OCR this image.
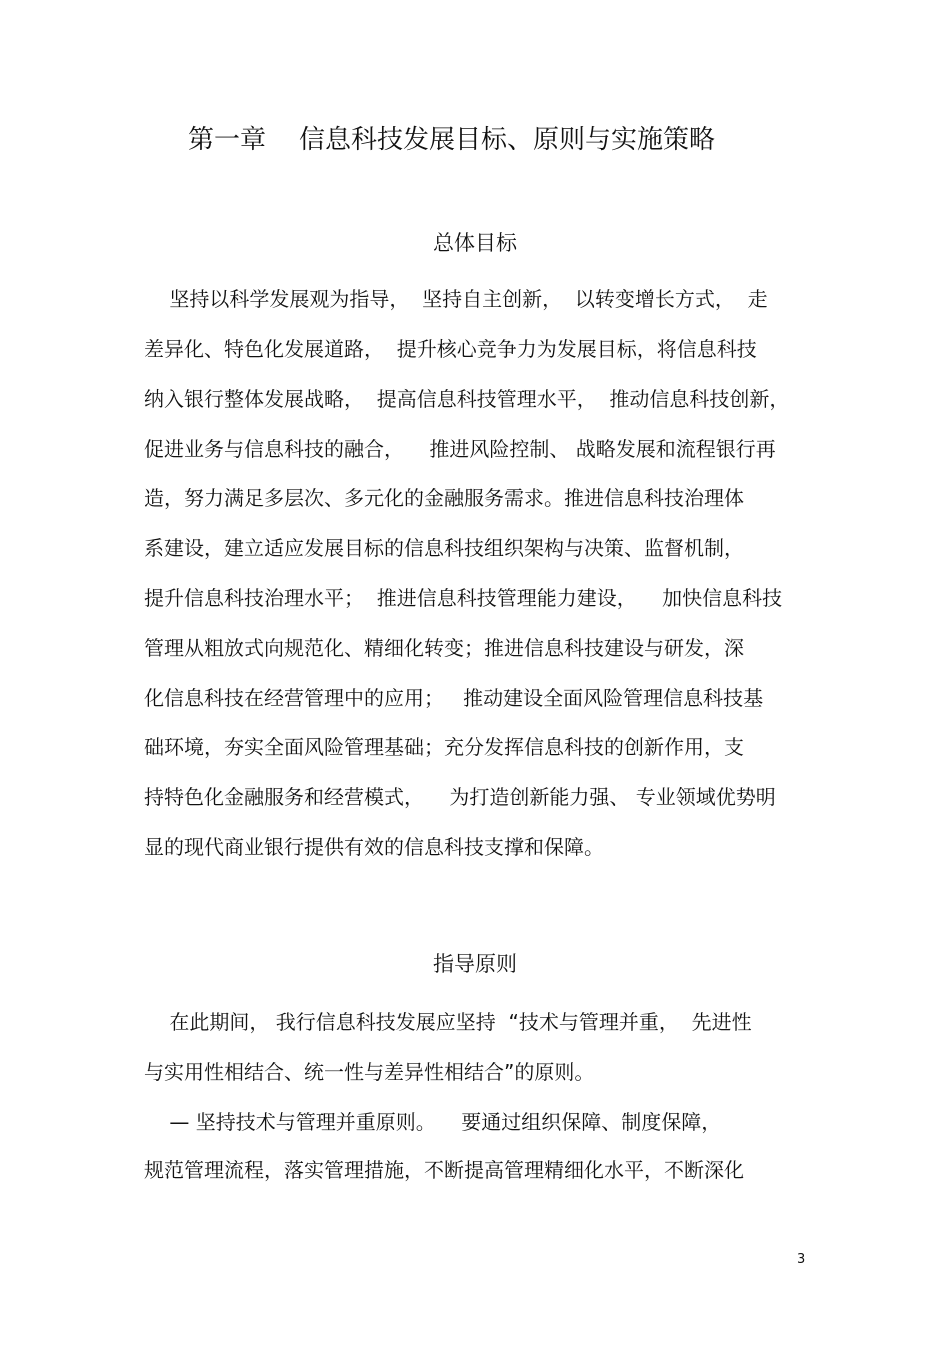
第一章    信息科技发展目标、原则与实施策略
总体目标
坚持以科学发展观为指导，  坚持自主创新，  以转变增长方式，  走
差异化、特色化发展道路，  提升核心竞争力为发展目标，将信息科技
纳入银行整体发展战略，  提高信息科技管理水平，  推动信息科技创新，
促进业务与信息科技的融合，    推进风险控制、 战略发展和流程银行再
造，努力满足多层次、多元化的金融服务需求。推进信息科技治理体
系建设，建立适应发展目标的信息科技组织架构与决策、监督机制，
提升信息科技治理水平；  推进信息科技管理能力建设，    加快信息科技
管理从粗放式向规范化、精细化转变；推进信息科技建设与研发，深
化信息科技在经营管理中的应用；   推动建设全面风险管理信息科技基
础环境，夯实全面风险管理基础；充分发挥信息科技的创新作用，支
持特色化金融服务和经营模式，    为打造创新能力强、 专业领域优势明
显的现代商业银行提供有效的信息科技支撑和保障。
指导原则
在此期间， 我行信息科技发展应坚持  “技术与管理并重，  先进性
与实用性相结合、统一性与差异性相结合”的原则。
— 坚持技术与管理并重原则。    要通过组织保障、制度保障，
规范管理流程，落实管理措施，不断提高管理精细化水平，不断深化
3
